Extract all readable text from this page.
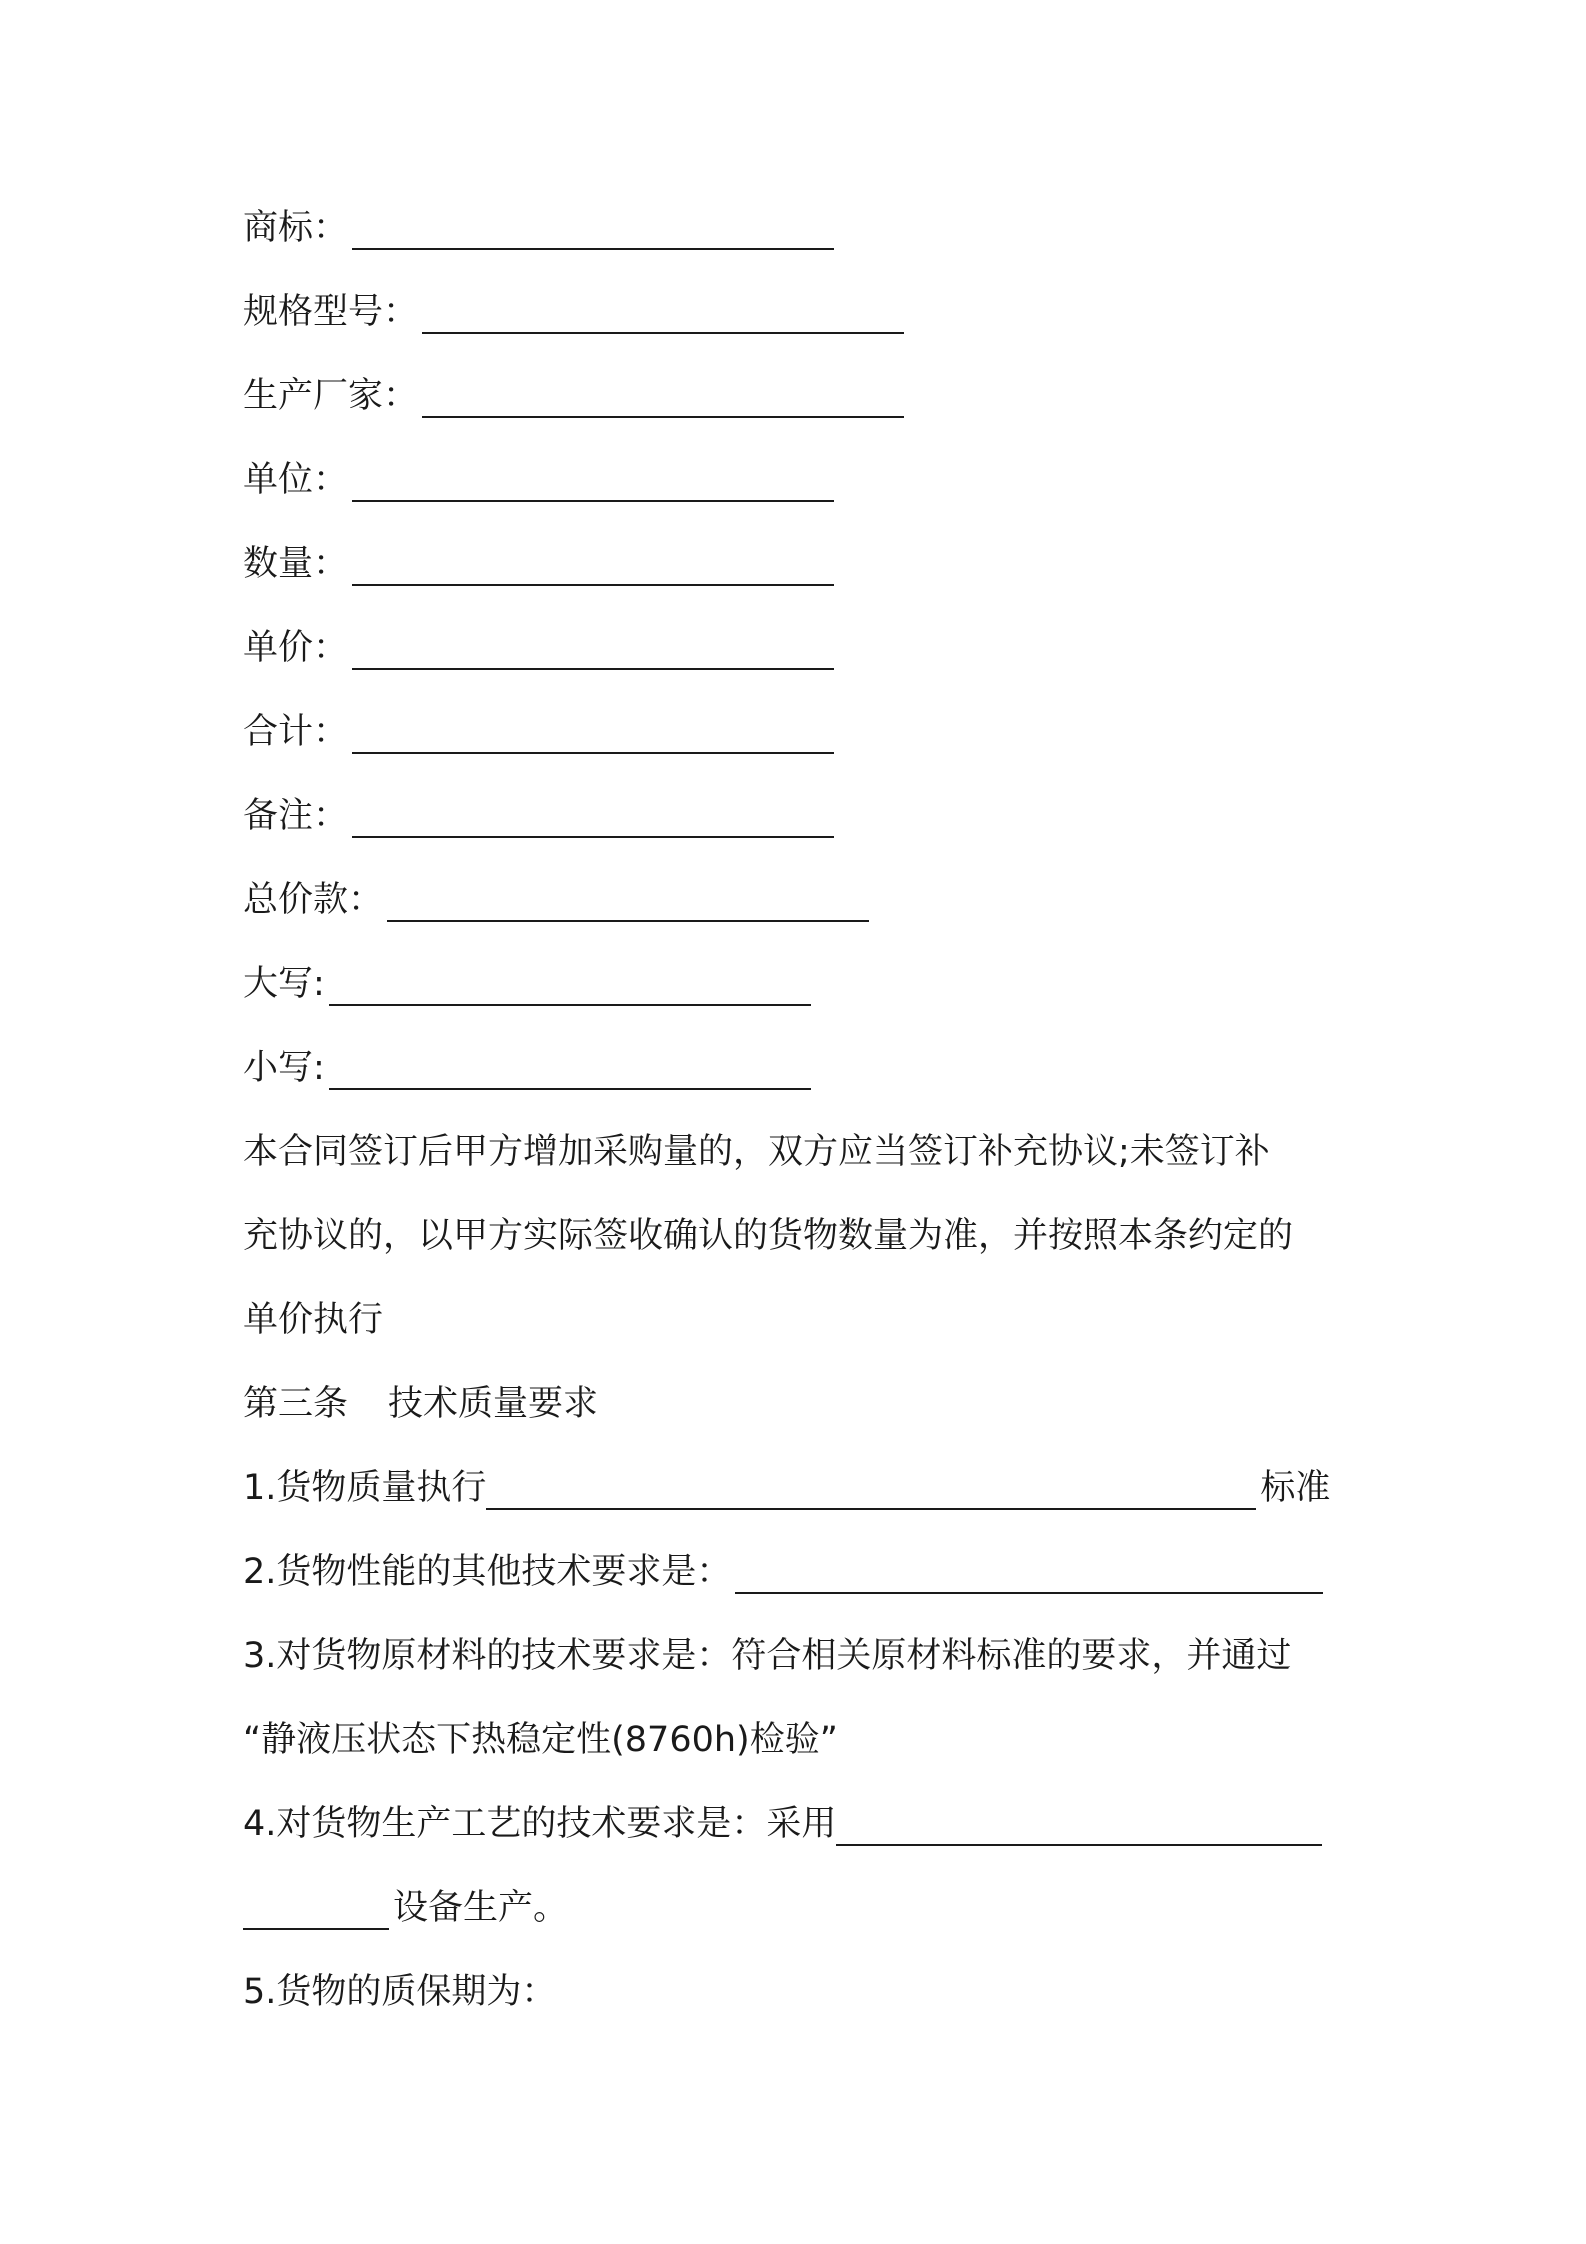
商标：
规格型号：
生产厂家：
单位：
数量：
单价：
合计：
备注：
总价款：
大写:
小写:
本合同签订后甲方增加采购量的，双方应当签订补充协议;未签订补
充协议的，以甲方实际签收确认的货物数量为准，并按照本条约定的
单价执行
第三条 技术质量要求
1.货物质量执行	标准
2.货物性能的其他技术要求是：
3.对货物原材料的技术要求是：符合相关原材料标准的要求，并通过
“静液压状态下热稳定性(8760h)检验”
4.对货物生产工艺的技术要求是：采用
设备生产。
5.货物的质保期为：
